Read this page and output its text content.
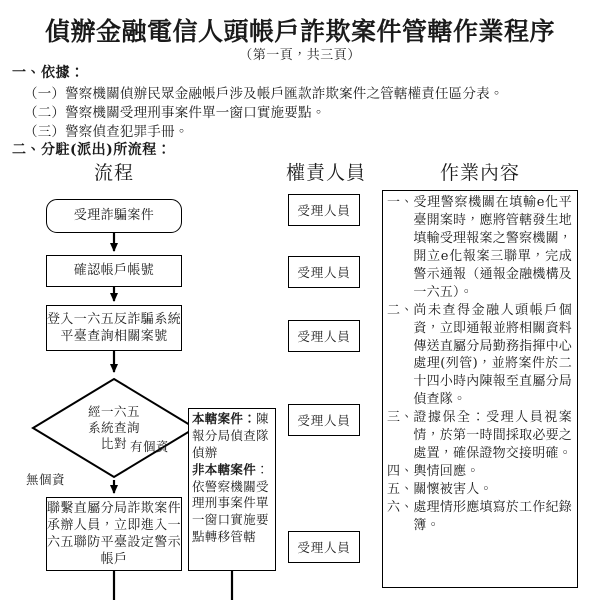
偵辦金融電信人頭帳戶詐欺案件管轄作業程序
（第一頁，共三頁）
一、依據：
（一）警察機關偵辦民眾金融帳戶涉及帳戶匯款詐欺案件之管轄權責任區分表。
（二）警察機關受理刑事案件單一窗口實施要點。
（三）警察偵查犯罪手冊。
二、分駐(派出)所流程：
流程	權責人員	作業內容
受理詐騙案件
確認帳戶帳號
登入一六五反詐騙系統平臺查詢相關案號
經一六五
系統查詢
比對 有個資
無個資

本轄案件：陳報分局偵查隊偵辦

非本轄案件：依警察機關受理刑事案件單一窗口實施要點轉移管轄

聯繫直屬分局詐欺案件承辦人員，立即進入一六五聯防平臺設定警示帳戶
受理人員
受理人員
受理人員
受理人員
受理人員
一、 受理警察機關在填輸e化平臺開案時，應將管轄發生地填輸受理報案之警察機關，開立e化報案三聯單，完成警示通報（通報金融機構及一六五）。
二、 尚未查得金融人頭帳戶個資，立即通報並將相關資料傳送直屬分局勤務指揮中心處理(列管)，並將案件於二十四小時內陳報至直屬分局偵查隊。
三、 證據保全：受理人員視案情，於第一時間採取必要之處置，確保證物交接明確。
四、 輿情回應。
五、 關懷被害人。
六、 處理情形應填寫於工作紀錄簿。
